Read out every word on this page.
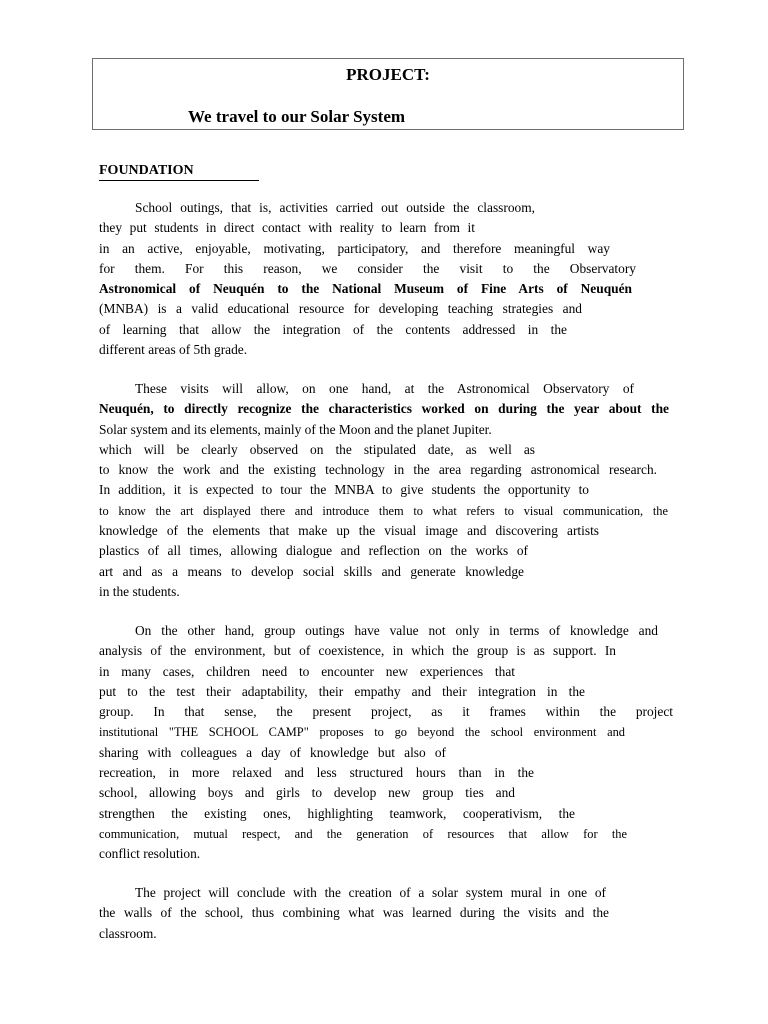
PROJECT:
We travel to our Solar System
FOUNDATION
School outings, that is, activities carried out outside the classroom,
they put students in direct contact with reality to learn from it
in an active, enjoyable, motivating, participatory, and therefore meaningful way
for them. For this reason, we consider the visit to the Observatory
Astronomical of Neuquén to the National Museum of Fine Arts of Neuquén
(MNBA) is a valid educational resource for developing teaching strategies and
of learning that allow the integration of the contents addressed in the
different areas of 5th grade.
These visits will allow, on one hand, at the Astronomical Observatory of
Neuquén, to directly recognize the characteristics worked on during the year about the
Solar system and its elements, mainly of the Moon and the planet Jupiter.
which will be clearly observed on the stipulated date, as well as
to know the work and the existing technology in the area regarding astronomical research.
In addition, it is expected to tour the MNBA to give students the opportunity to
to know the art displayed there and introduce them to what refers to visual communication, the
knowledge of the elements that make up the visual image and discovering artists
plastics of all times, allowing dialogue and reflection on the works of
art and as a means to develop social skills and generate knowledge
in the students.
On the other hand, group outings have value not only in terms of knowledge and
analysis of the environment, but of coexistence, in which the group is as support. In
in many cases, children need to encounter new experiences that
put to the test their adaptability, their empathy and their integration in the
group. In that sense, the present project, as it frames within the project
institutional "THE SCHOOL CAMP" proposes to go beyond the school environment and
sharing with colleagues a day of knowledge but also of
recreation, in more relaxed and less structured hours than in the
school, allowing boys and girls to develop new group ties and
strengthen the existing ones, highlighting teamwork, cooperativism, the
communication, mutual respect, and the generation of resources that allow for the
conflict resolution.
The project will conclude with the creation of a solar system mural in one of
the walls of the school, thus combining what was learned during the visits and the
classroom.
